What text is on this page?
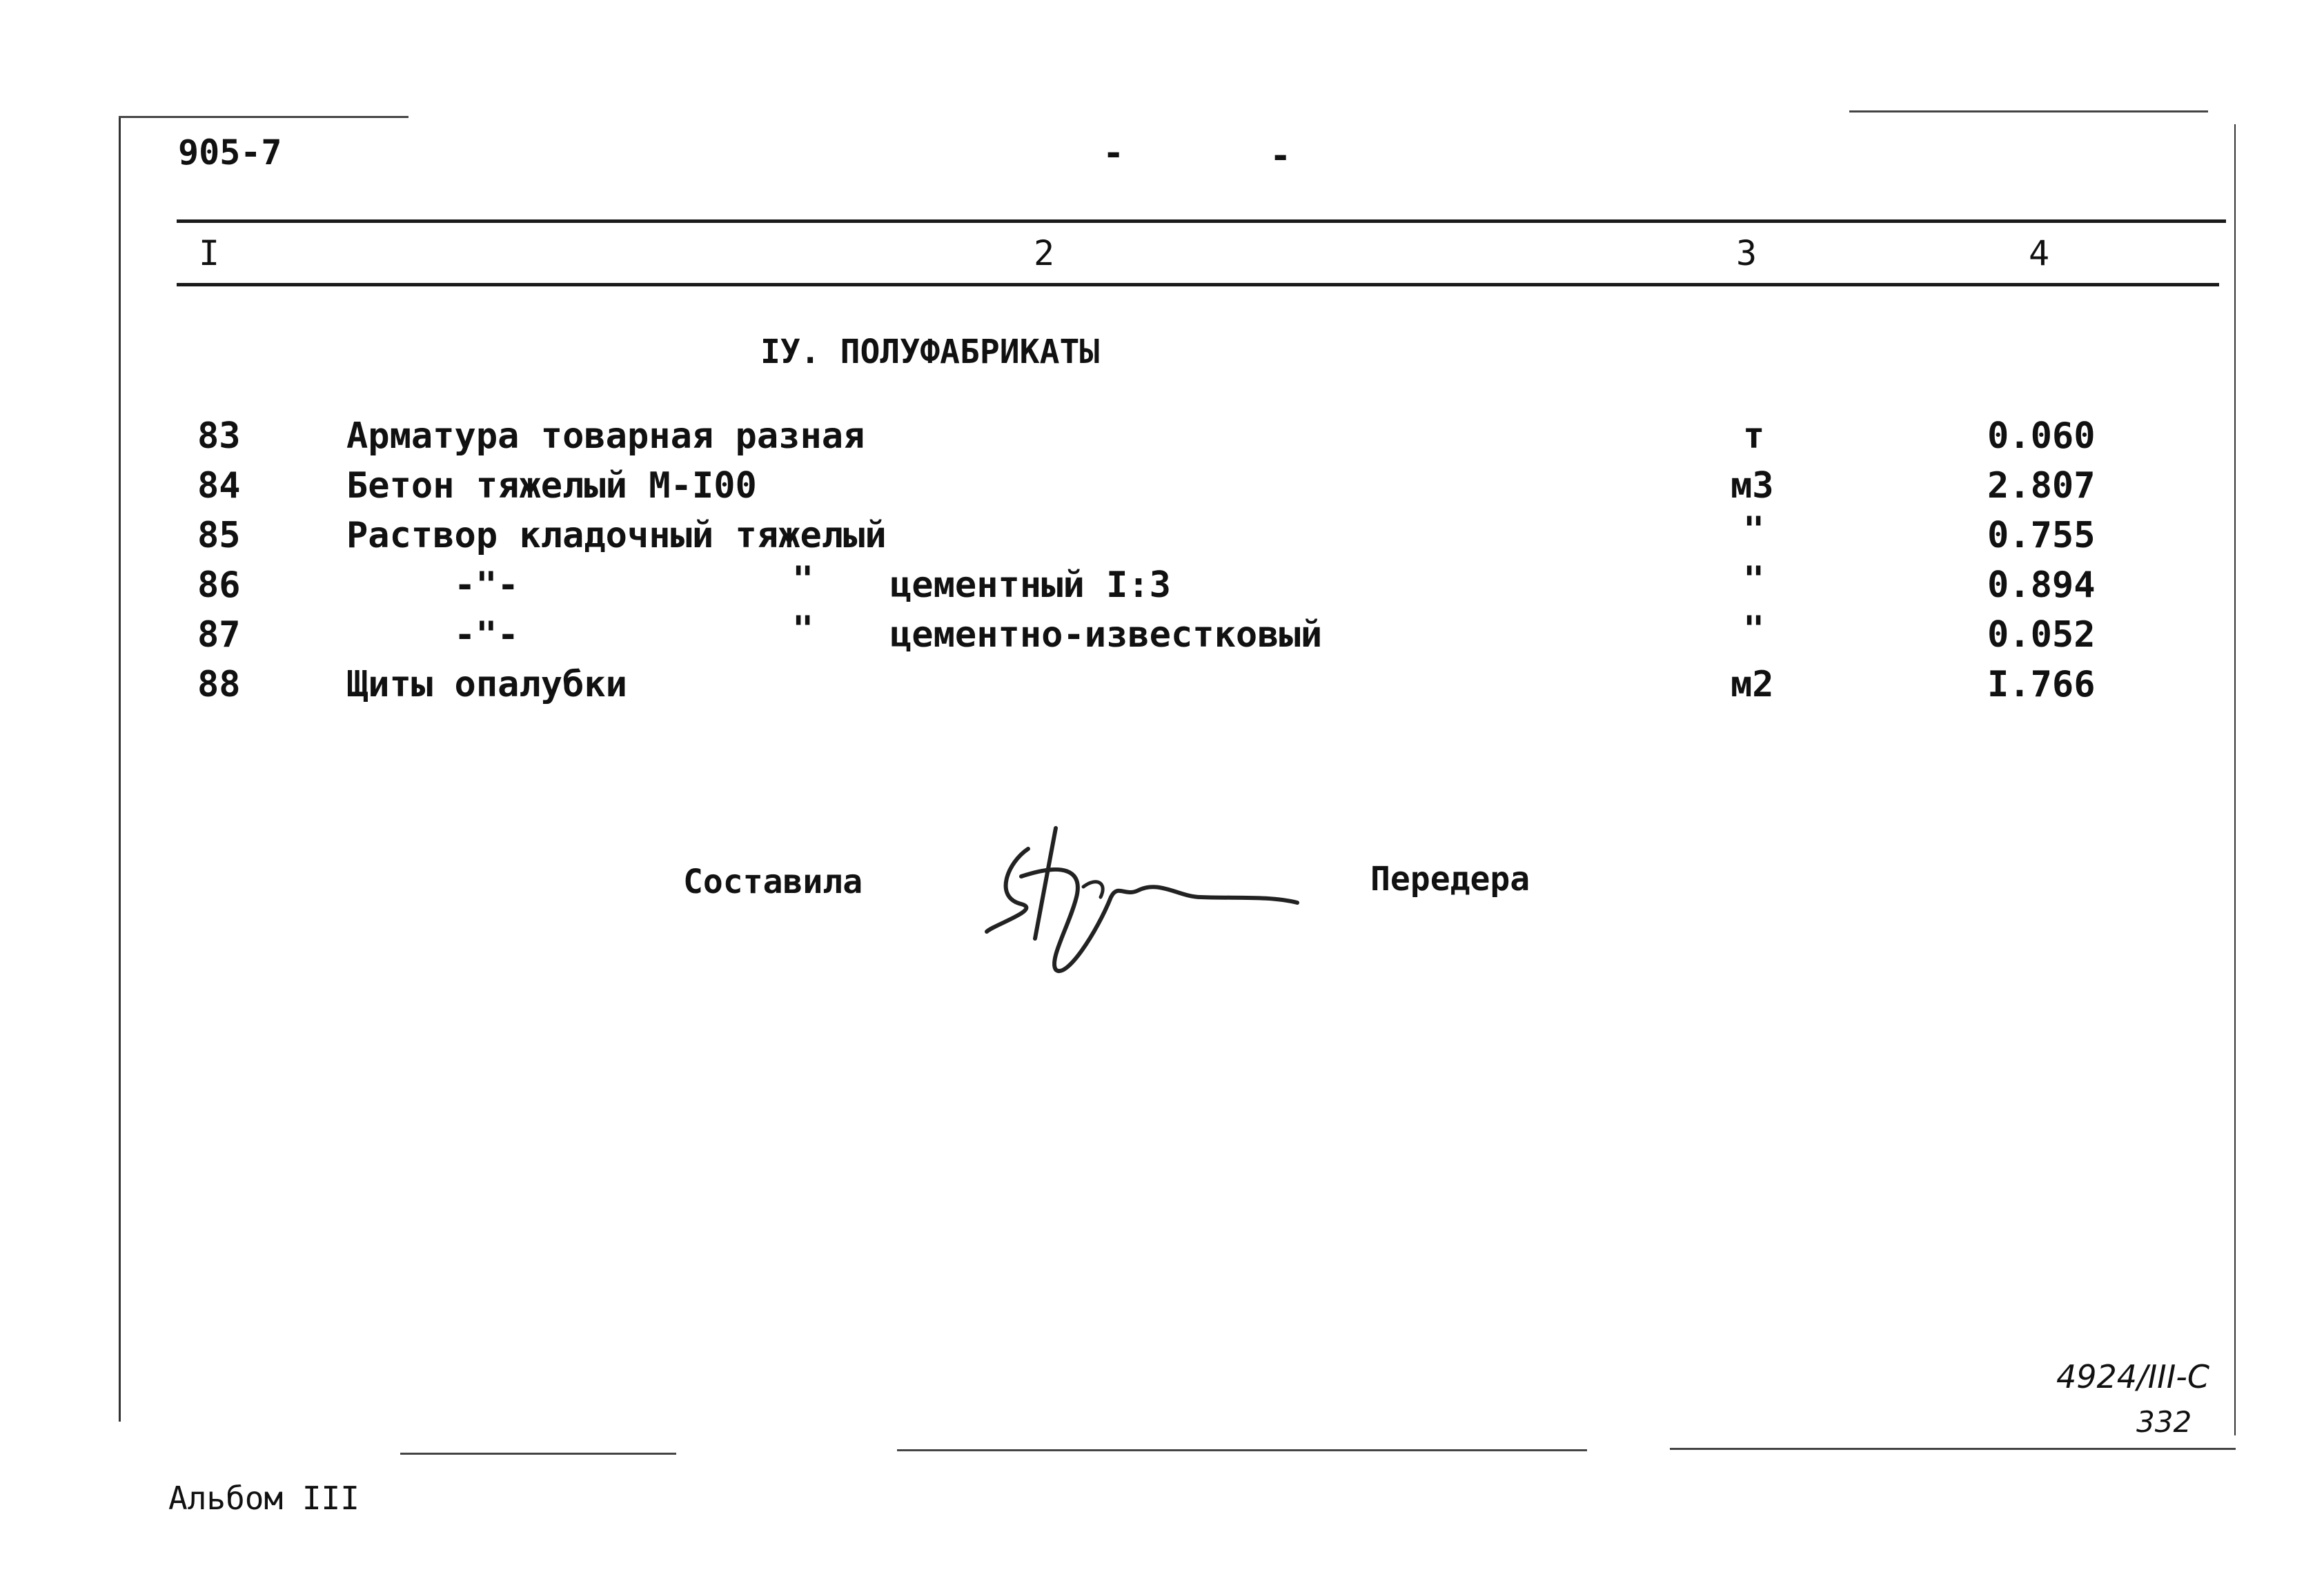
905-7	-	-
I	2	3	4
IУ. ПОЛУФАБРИКАТЫ
83	Арматура товарная разная	т	0.060
84	Бетон тяжелый М-I00	м3	2.807
85	Раствор кладочный тяжелый	"	0.755
86	-"-	" цементный I:3	"	0.894
87	-"-	" цементно-известковый	"	0.052
88	Щиты опалубки	м2	I.766
Составила	Передера
4924/III-С
332
Альбом III
